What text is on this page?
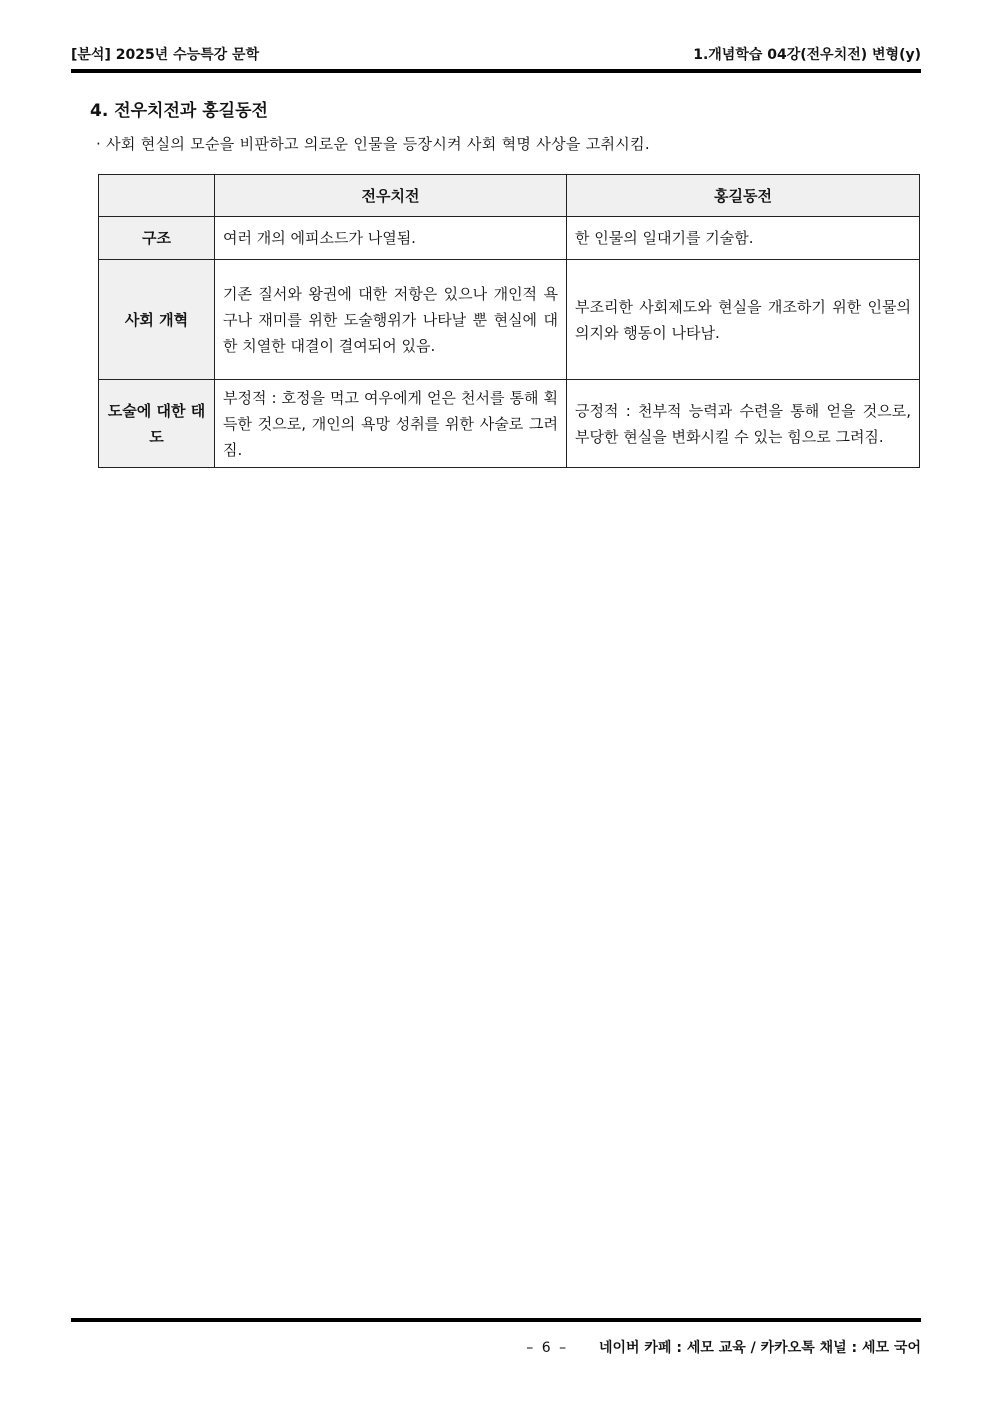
[분석] 2025년 수능특강 문학	1.개념학습 04강(전우치전) 변형(y)
4. 전우치전과 홍길동전
· 사회 현실의 모순을 비판하고 의로운 인물을 등장시켜 사회 혁명 사상을 고취시킴.
	전우치전	홍길동전
구조	여러 개의 에피소드가 나열됨.	한 인물의 일대기를 기술함.
사회 개혁	기존 질서와 왕권에 대한 저항은 있으나 개인적 욕구나 재미를 위한 도술행위가 나타날 뿐 현실에 대한 치열한 대결이 결여되어 있음.	부조리한 사회제도와 현실을 개조하기 위한 인물의 의지와 행동이 나타남.
도술에 대한 태도	부정적 : 호정을 먹고 여우에게 얻은 천서를 통해 획득한 것으로, 개인의 욕망 성취를 위한 사술로 그려짐.	긍정적 : 천부적 능력과 수련을 통해 얻을 것으로, 부당한 현실을 변화시킬 수 있는 힘으로 그려짐.
– 6 – 네이버 카페 : 세모 교육 / 카카오톡 채널 : 세모 국어
